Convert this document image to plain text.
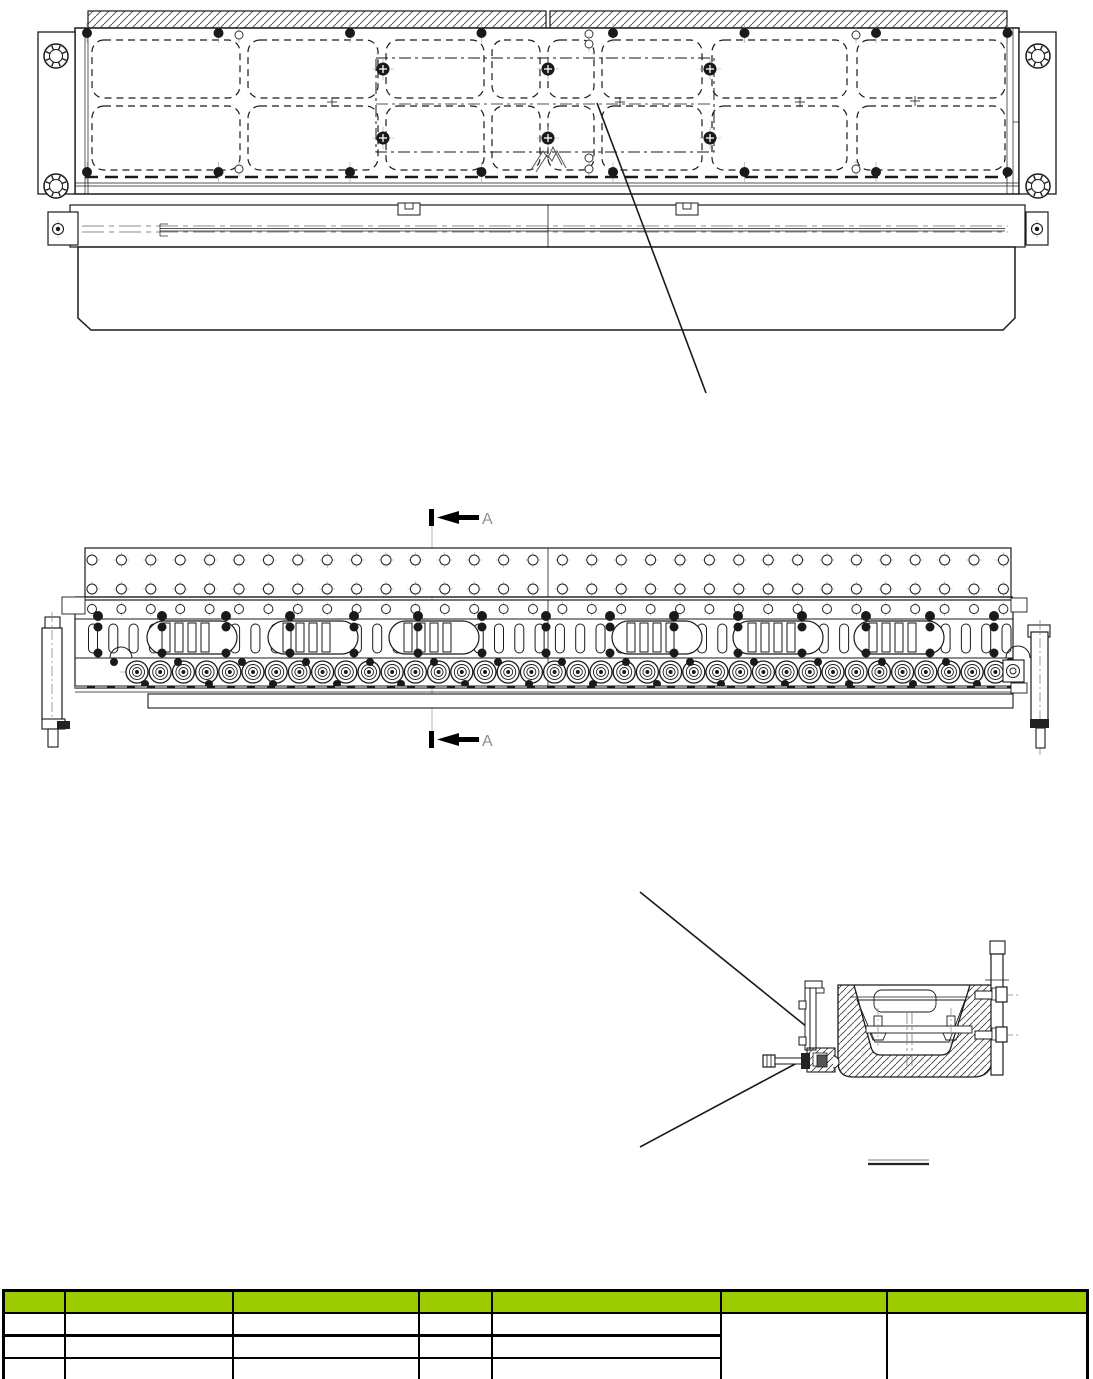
A
A
